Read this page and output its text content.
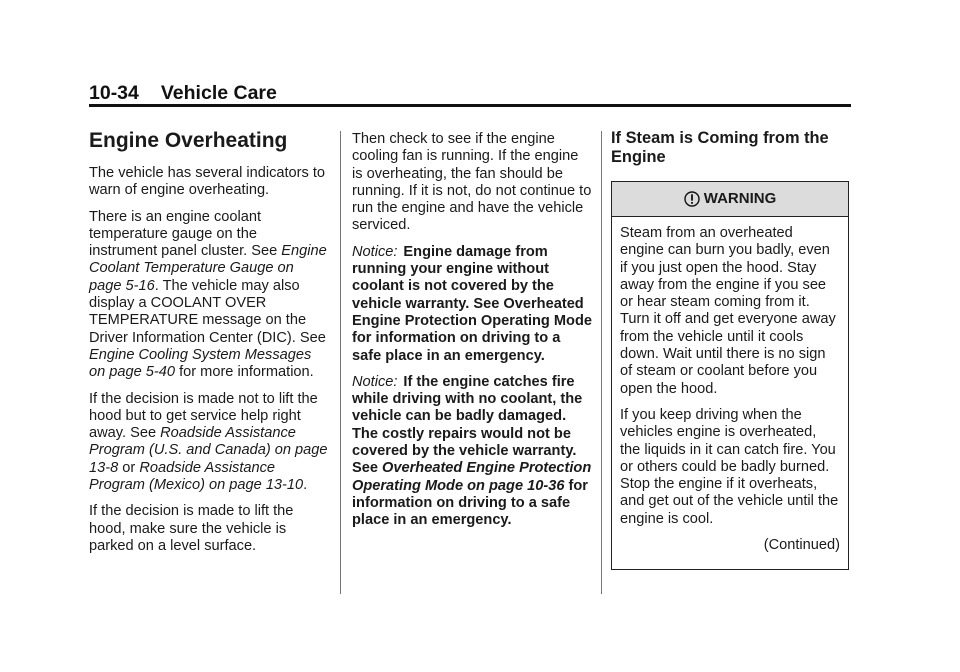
10-34 Vehicle Care
Engine Overheating

The vehicle has several indicators to warn of engine overheating.

There is an engine coolant temperature gauge on the instrument panel cluster. See Engine Coolant Temperature Gauge on page 5-16. The vehicle may also display a COOLANT OVER TEMPERATURE message on the Driver Information Center (DIC). See Engine Cooling System Messages on page 5-40 for more information.

If the decision is made not to lift the hood but to get service help right away. See Roadside Assistance Program (U.S. and Canada) on page 13-8 or Roadside Assistance Program (Mexico) on page 13-10.

If the decision is made to lift the hood, make sure the vehicle is parked on a level surface.

Then check to see if the engine cooling fan is running. If the engine is overheating, the fan should be running. If it is not, do not continue to run the engine and have the vehicle serviced.

Notice: Engine damage from running your engine without coolant is not covered by the vehicle warranty. See Overheated Engine Protection Operating Mode for information on driving to a safe place in an emergency.

Notice: If the engine catches fire while driving with no coolant, the vehicle can be badly damaged. The costly repairs would not be covered by the vehicle warranty. See Overheated Engine Protection Operating Mode on page 10-36 for information on driving to a safe place in an emergency.

If Steam is Coming from the Engine
WARNING

Steam from an overheated engine can burn you badly, even if you just open the hood. Stay away from the engine if you see or hear steam coming from it. Turn it off and get everyone away from the vehicle until it cools down. Wait until there is no sign of steam or coolant before you open the hood.

If you keep driving when the vehicles engine is overheated, the liquids in it can catch fire. You or others could be badly burned. Stop the engine if it overheats, and get out of the vehicle until the engine is cool.

(Continued)
